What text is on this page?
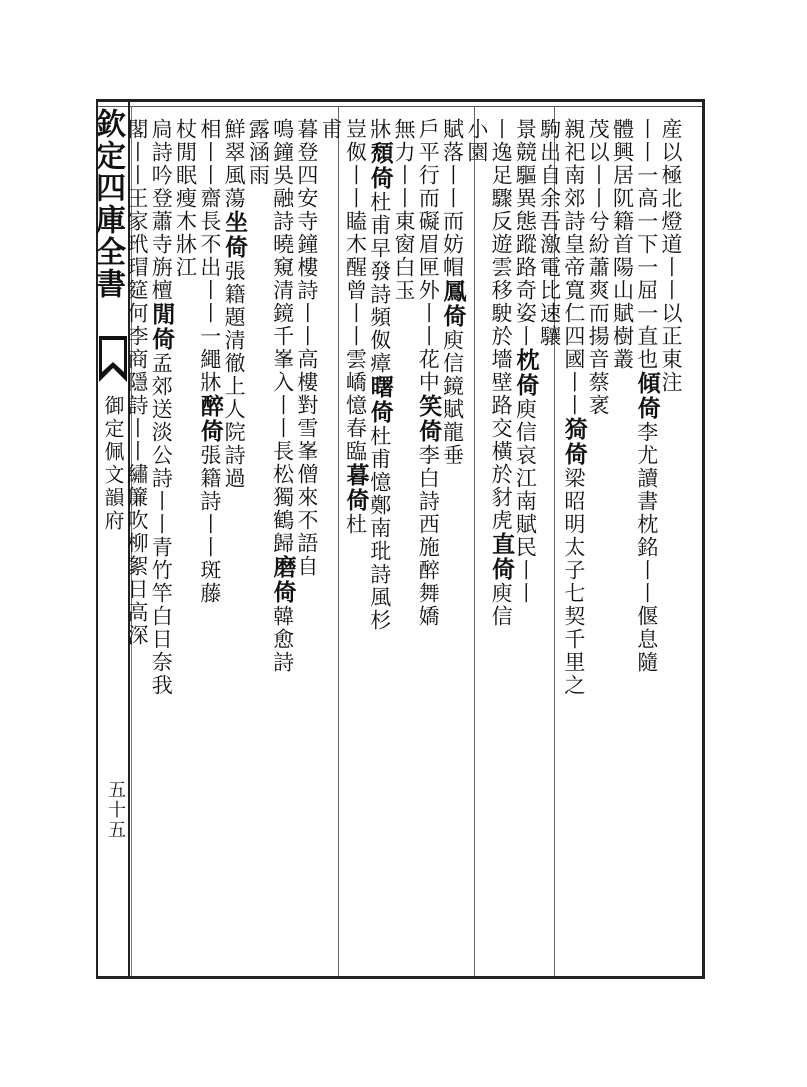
欽定四庫全書
御定佩文韻府
五十五
産以極北燈道丨丨以正東注
丨丨一高一下一屈一直也傾倚李尤讀書枕銘丨丨偃息隨
體興居阢籍首陽山賦樹叢
茂以丨丨兮紛蕭爽而揚音蔡衺
親祀南郊詩皇帝寬仁四國丨丨猗倚梁昭明太子七契千里之
駒出自余吾激電比速驤
景競驅異態蹤路奇姿丨枕倚庾信哀江南賦民丨丨
丨逸足驟反遊雲移駛於墻壁路交橫於豺虎直倚庾信
小園
賦落丨丨而妨帽鳳倚庾信鏡賦龍垂
戶平行而礙眉匣外丨丨花中笑倚李白詩西施醉舞嬌
無力丨丨東窗白玉
牀頹倚杜甫早發詩頻伮瘴曙倚杜甫憶鄭南玭詩風杉
豈伮丨丨瞌木醒曾丨丨雲嶠憶春臨暮倚杜
甫
暮登四安寺鐘樓詩丨丨高樓對雪峯僧來不語自
鳴鐘吳融詩曉窺清鏡千峯入丨丨長松獨鶴歸磨倚韓愈詩
露涵雨
鮮翠風蕩坐倚張籍題清徹上人院詩過
相丨丨齋長不出丨丨一繩牀醉倚張籍詩丨丨斑藤
杖閒眠瘦木牀江
扃詩吟登蕭寺旃檀閒倚孟郊送淡公詩丨丨青竹竿白日奈我
閣丨丨王家玳瑁筵何李商隱詩丨丨繡簾吹柳絮日高深
